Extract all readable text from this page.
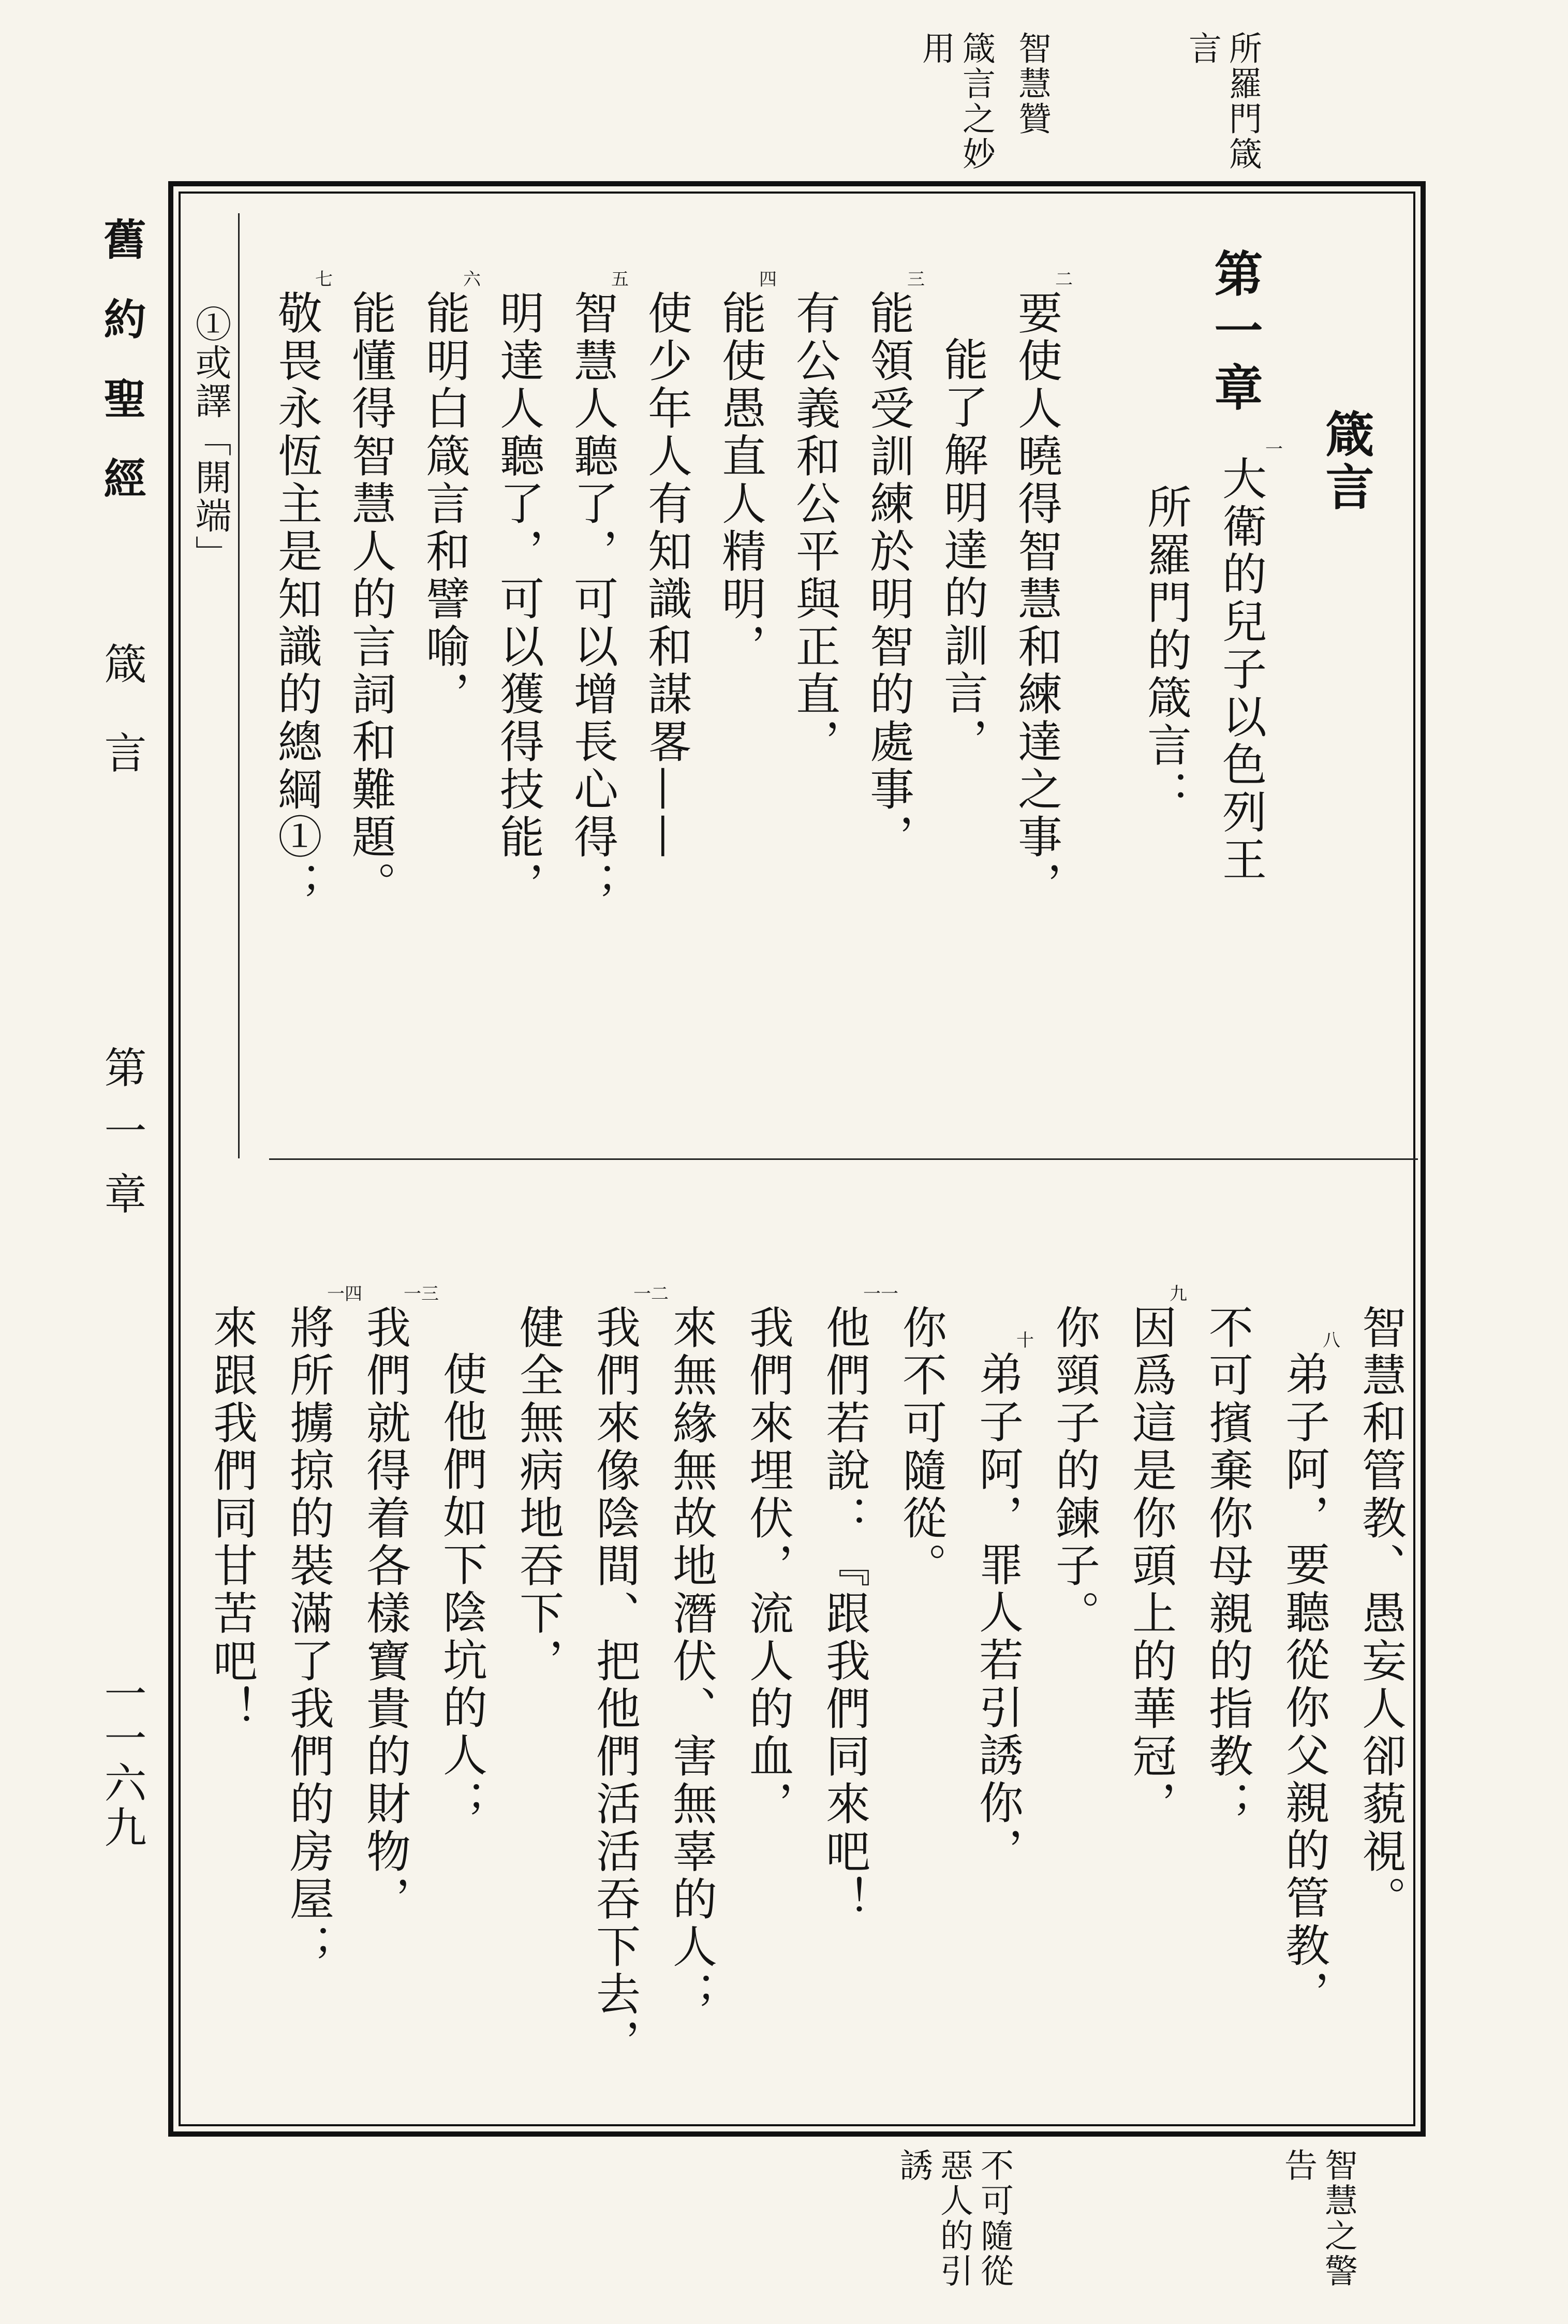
所羅門箴言
智慧贊
箴言之妙用
舊約聖經
箴言
第一章
一一六九
箴言
第一章
一
大衛的兒子以色列王
所羅門的箴言：
要使人曉得智慧和練達之事，
二
能了解明達的訓言，
能領受訓練於明智的處事，
三
有公義和公平與正直，
能使愚直人精明，
四
使少年人有知識和謀畧——
智慧人聽了，可以增長心得；
五
明達人聽了，可以獲得技能，
能明白箴言和譬喻，
六
能懂得智慧人的言詞和難題。
敬畏永恆主是知識的總綱①；
七
①或譯「開端」
智慧和管教、愚妄人卻藐視。
弟子阿，要聽從你父親的管教，
八
不可擯棄你母親的指教；
因爲這是你頭上的華冠，
九
你頸子的鍊子。
弟子阿，罪人若引誘你，
十
你不可隨從。
他們若說：『跟我們同來吧！
一一
我們來埋伏，流人的血，
來無緣無故地潛伏、害無辜的人；
我們來像陰間、把他們活活吞下去，
一二
健全無病地吞下，
使他們如下陰坑的人；
我們就得着各樣寶貴的財物，
一三
將所擄掠的裝滿了我們的房屋；
一四
來跟我們同甘苦吧！
智慧之警告
不可隨從惡人的引誘
